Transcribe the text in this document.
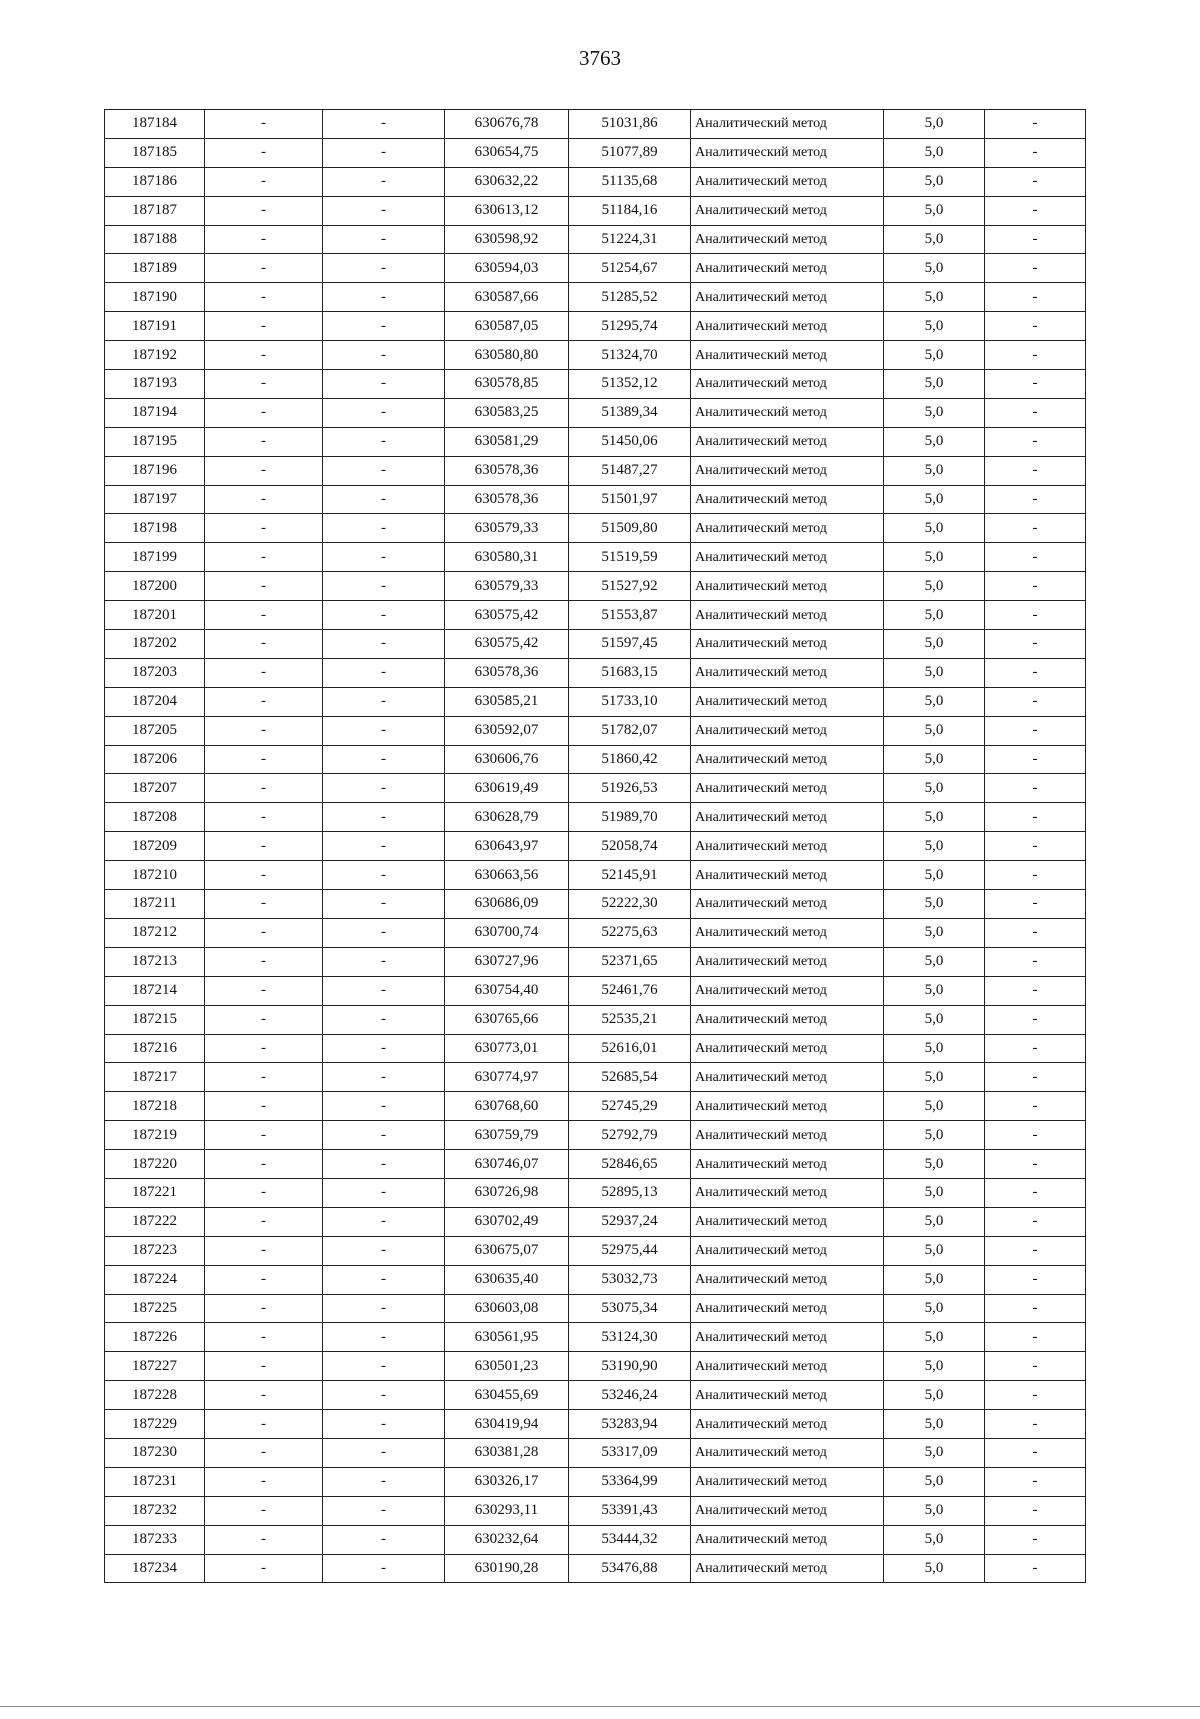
3763
187184	-	-	630676,78	51031,86	Аналитический метод	5,0	-
187185	-	-	630654,75	51077,89	Аналитический метод	5,0	-
187186	-	-	630632,22	51135,68	Аналитический метод	5,0	-
187187	-	-	630613,12	51184,16	Аналитический метод	5,0	-
187188	-	-	630598,92	51224,31	Аналитический метод	5,0	-
187189	-	-	630594,03	51254,67	Аналитический метод	5,0	-
187190	-	-	630587,66	51285,52	Аналитический метод	5,0	-
187191	-	-	630587,05	51295,74	Аналитический метод	5,0	-
187192	-	-	630580,80	51324,70	Аналитический метод	5,0	-
187193	-	-	630578,85	51352,12	Аналитический метод	5,0	-
187194	-	-	630583,25	51389,34	Аналитический метод	5,0	-
187195	-	-	630581,29	51450,06	Аналитический метод	5,0	-
187196	-	-	630578,36	51487,27	Аналитический метод	5,0	-
187197	-	-	630578,36	51501,97	Аналитический метод	5,0	-
187198	-	-	630579,33	51509,80	Аналитический метод	5,0	-
187199	-	-	630580,31	51519,59	Аналитический метод	5,0	-
187200	-	-	630579,33	51527,92	Аналитический метод	5,0	-
187201	-	-	630575,42	51553,87	Аналитический метод	5,0	-
187202	-	-	630575,42	51597,45	Аналитический метод	5,0	-
187203	-	-	630578,36	51683,15	Аналитический метод	5,0	-
187204	-	-	630585,21	51733,10	Аналитический метод	5,0	-
187205	-	-	630592,07	51782,07	Аналитический метод	5,0	-
187206	-	-	630606,76	51860,42	Аналитический метод	5,0	-
187207	-	-	630619,49	51926,53	Аналитический метод	5,0	-
187208	-	-	630628,79	51989,70	Аналитический метод	5,0	-
187209	-	-	630643,97	52058,74	Аналитический метод	5,0	-
187210	-	-	630663,56	52145,91	Аналитический метод	5,0	-
187211	-	-	630686,09	52222,30	Аналитический метод	5,0	-
187212	-	-	630700,74	52275,63	Аналитический метод	5,0	-
187213	-	-	630727,96	52371,65	Аналитический метод	5,0	-
187214	-	-	630754,40	52461,76	Аналитический метод	5,0	-
187215	-	-	630765,66	52535,21	Аналитический метод	5,0	-
187216	-	-	630773,01	52616,01	Аналитический метод	5,0	-
187217	-	-	630774,97	52685,54	Аналитический метод	5,0	-
187218	-	-	630768,60	52745,29	Аналитический метод	5,0	-
187219	-	-	630759,79	52792,79	Аналитический метод	5,0	-
187220	-	-	630746,07	52846,65	Аналитический метод	5,0	-
187221	-	-	630726,98	52895,13	Аналитический метод	5,0	-
187222	-	-	630702,49	52937,24	Аналитический метод	5,0	-
187223	-	-	630675,07	52975,44	Аналитический метод	5,0	-
187224	-	-	630635,40	53032,73	Аналитический метод	5,0	-
187225	-	-	630603,08	53075,34	Аналитический метод	5,0	-
187226	-	-	630561,95	53124,30	Аналитический метод	5,0	-
187227	-	-	630501,23	53190,90	Аналитический метод	5,0	-
187228	-	-	630455,69	53246,24	Аналитический метод	5,0	-
187229	-	-	630419,94	53283,94	Аналитический метод	5,0	-
187230	-	-	630381,28	53317,09	Аналитический метод	5,0	-
187231	-	-	630326,17	53364,99	Аналитический метод	5,0	-
187232	-	-	630293,11	53391,43	Аналитический метод	5,0	-
187233	-	-	630232,64	53444,32	Аналитический метод	5,0	-
187234	-	-	630190,28	53476,88	Аналитический метод	5,0	-
